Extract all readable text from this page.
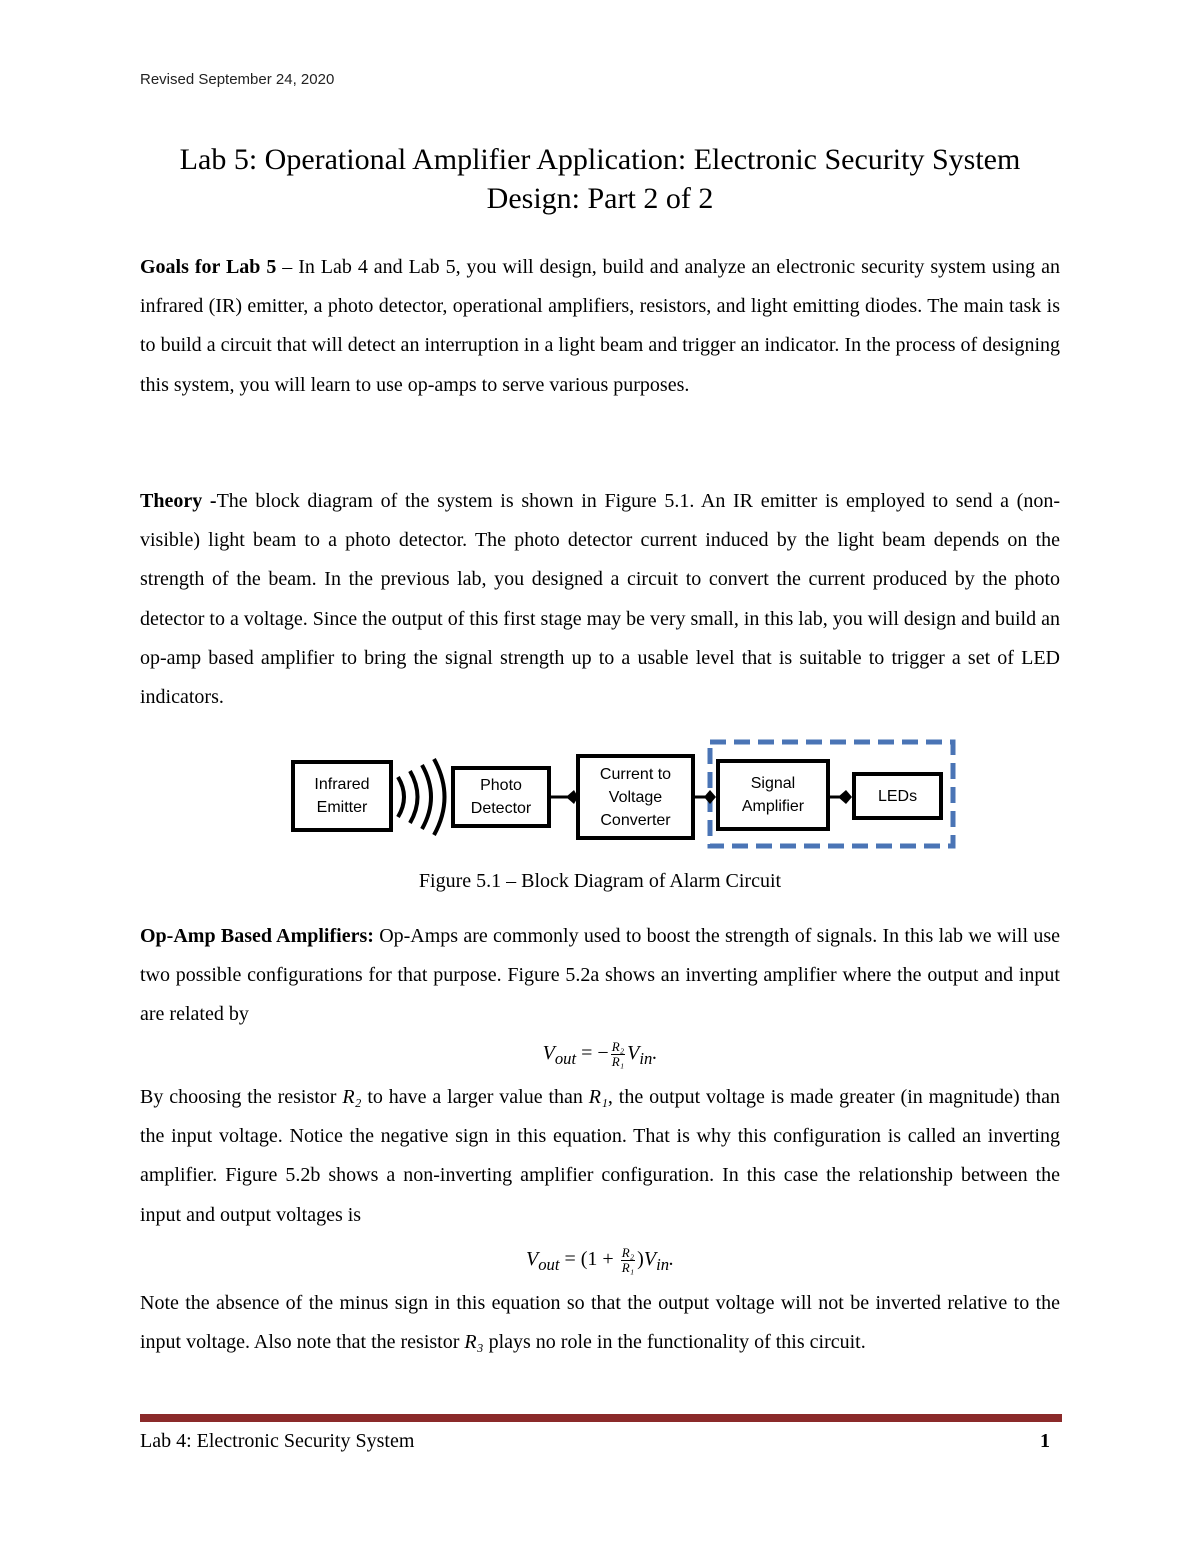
Revised September 24, 2020
Lab 5: Operational Amplifier Application: Electronic Security System
Design: Part 2 of 2
Goals for Lab 5 – In Lab 4 and Lab 5, you will design, build and analyze an electronic security system using an infrared (IR) emitter, a photo detector, operational amplifiers, resistors, and light emitting diodes. The main task is to build a circuit that will detect an interruption in a light beam and trigger an indicator. In the process of designing this system, you will learn to use op-amps to serve various purposes.
Theory -The block diagram of the system is shown in Figure 5.1. An IR emitter is employed to send a (non-visible) light beam to a photo detector. The photo detector current induced by the light beam depends on the strength of the beam. In the previous lab, you designed a circuit to convert the current produced by the photo detector to a voltage. Since the output of this first stage may be very small, in this lab, you will design and build an op-amp based amplifier to bring the signal strength up to a usable level that is suitable to trigger a set of LED indicators.
Infrared
Emitter
Photo
Detector
Current to
Voltage
Converter
Signal
Amplifier
LEDs
Figure 5.1 – Block Diagram of Alarm Circuit
Op-Amp Based Amplifiers: Op-Amps are commonly used to boost the strength of signals. In this lab we will use two possible configurations for that purpose. Figure 5.2a shows an inverting amplifier where the output and input are related by
$V_{out}$ = − $\frac{\text{R₂}}{\text{R₁}} V_{in}$.
By choosing the resistor R₂ to have a larger value than R₁, the output voltage is made greater (in magnitude) than the input voltage. Notice the negative sign in this equation. That is why this configuration is called an inverting amplifier. Figure 5.2b shows a non-inverting amplifier configuration. In this case the relationship between the input and output voltages is
$V_{out} = (1 + \frac{\text{R₂}}{\text{R₁}} )V_{in}$.
Note the absence of the minus sign in this equation so that the output voltage will not be inverted relative to the input voltage. Also note that the resistor R₃ plays no role in the functionality of this circuit.
Lab 4: Electronic Security System	1
